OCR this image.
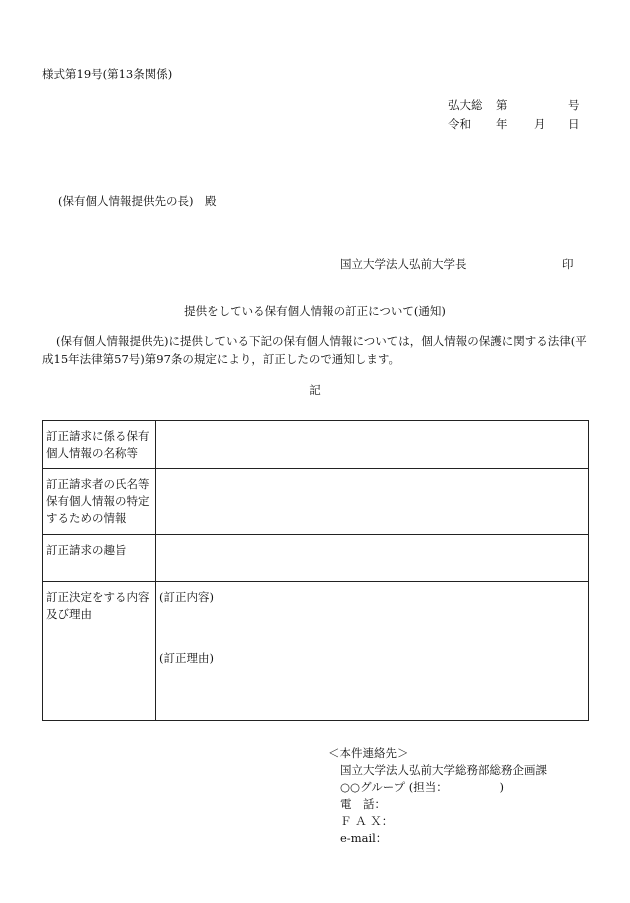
様式第19号(第13条関係)
弘大総 第	号
令和 年 月 日
(保有個人情報提供先の長)　殿
国立大学法人弘前大学長	印
提供をしている保有個人情報の訂正について(通知)
(保有個人情報提供先)に提供している下記の保有個人情報については，個人情報の保護に関する法律(平成15年法律第57号)第97条の規定により，訂正したので通知します。
記
訂正請求に係る保有個人情報の名称等	
訂正請求者の氏名等保有個人情報の特定するための情報	
訂正請求の趣旨	
訂正決定をする内容及び理由	(訂正内容)
(訂正理由)
＜本件連絡先＞
国立大学法人弘前大学総務部総務企画課
○○グループ (担当：　　　　　)
電　話：
Ｆ Ａ Ｘ：
e-mail：
